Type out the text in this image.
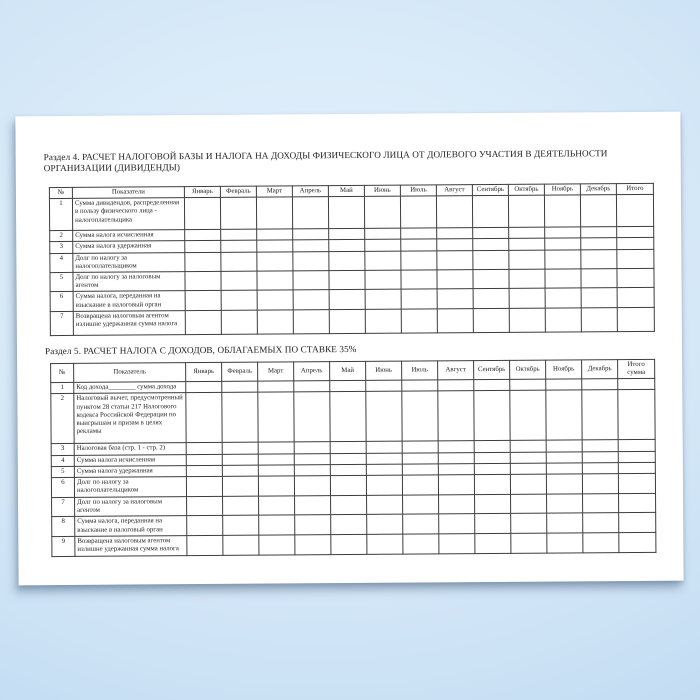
Раздел 4. РАСЧЕТ НАЛОГОВОЙ БАЗЫ И НАЛОГА НА ДОХОДЫ ФИЗИЧЕСКОГО ЛИЦА ОТ ДОЛЕВОГО УЧАСТИЯ В ДЕЯТЕЛЬНОСТИ ОРГАНИЗАЦИИ (ДИВИДЕНДЫ)
№	Показатели	Январь	Февраль	Март	Апрель	Май	Июнь	Июль	Август	Сентябрь	Октябрь	Ноябрь	Декабрь	Итого
1	Сумма дивидендов, распределенная в пользу физического лица - налогоплательщика													
2	Сумма налога исчисленная													
3	Сумма налога удержанная													
4	Долг по налогу за налогоплательщиком													
5	Долг по налогу за налоговым агентом													
6	Сумма налога, переданная на взыскание в налоговый орган													
7	Возвращена налоговым агентом излишне удержанная сумма налога													
Раздел 5. РАСЧЕТ НАЛОГА С ДОХОДОВ, ОБЛАГАЕМЫХ ПО СТАВКЕ 35%
№	Показатель	Январь	Февраль	Март	Апрель	Май	Июнь	Июль	Август	Сентябрь	Октябрь	Ноябрь	Декабрь	Итого сумма
1	Код дохода________ сумма дохода													
2	Налоговый вычет, предусмотренный пунктом 28 статьи 217 Налогового кодекса Российской Федерации по выигрышам и призам в целях рекламы													
3	Налоговая база (стр. 1 - стр. 2)													
4	Сумма налога исчисленная													
5	Сумма налога удержанная													
6	Долг по налогу за налогоплательщиком													
7	Долг по налогу за налоговым агентом													
8	Сумма налога, переданная на взыскание в налоговый орган													
9	Возвращена налоговым агентом излишне удержанная сумма налога													
